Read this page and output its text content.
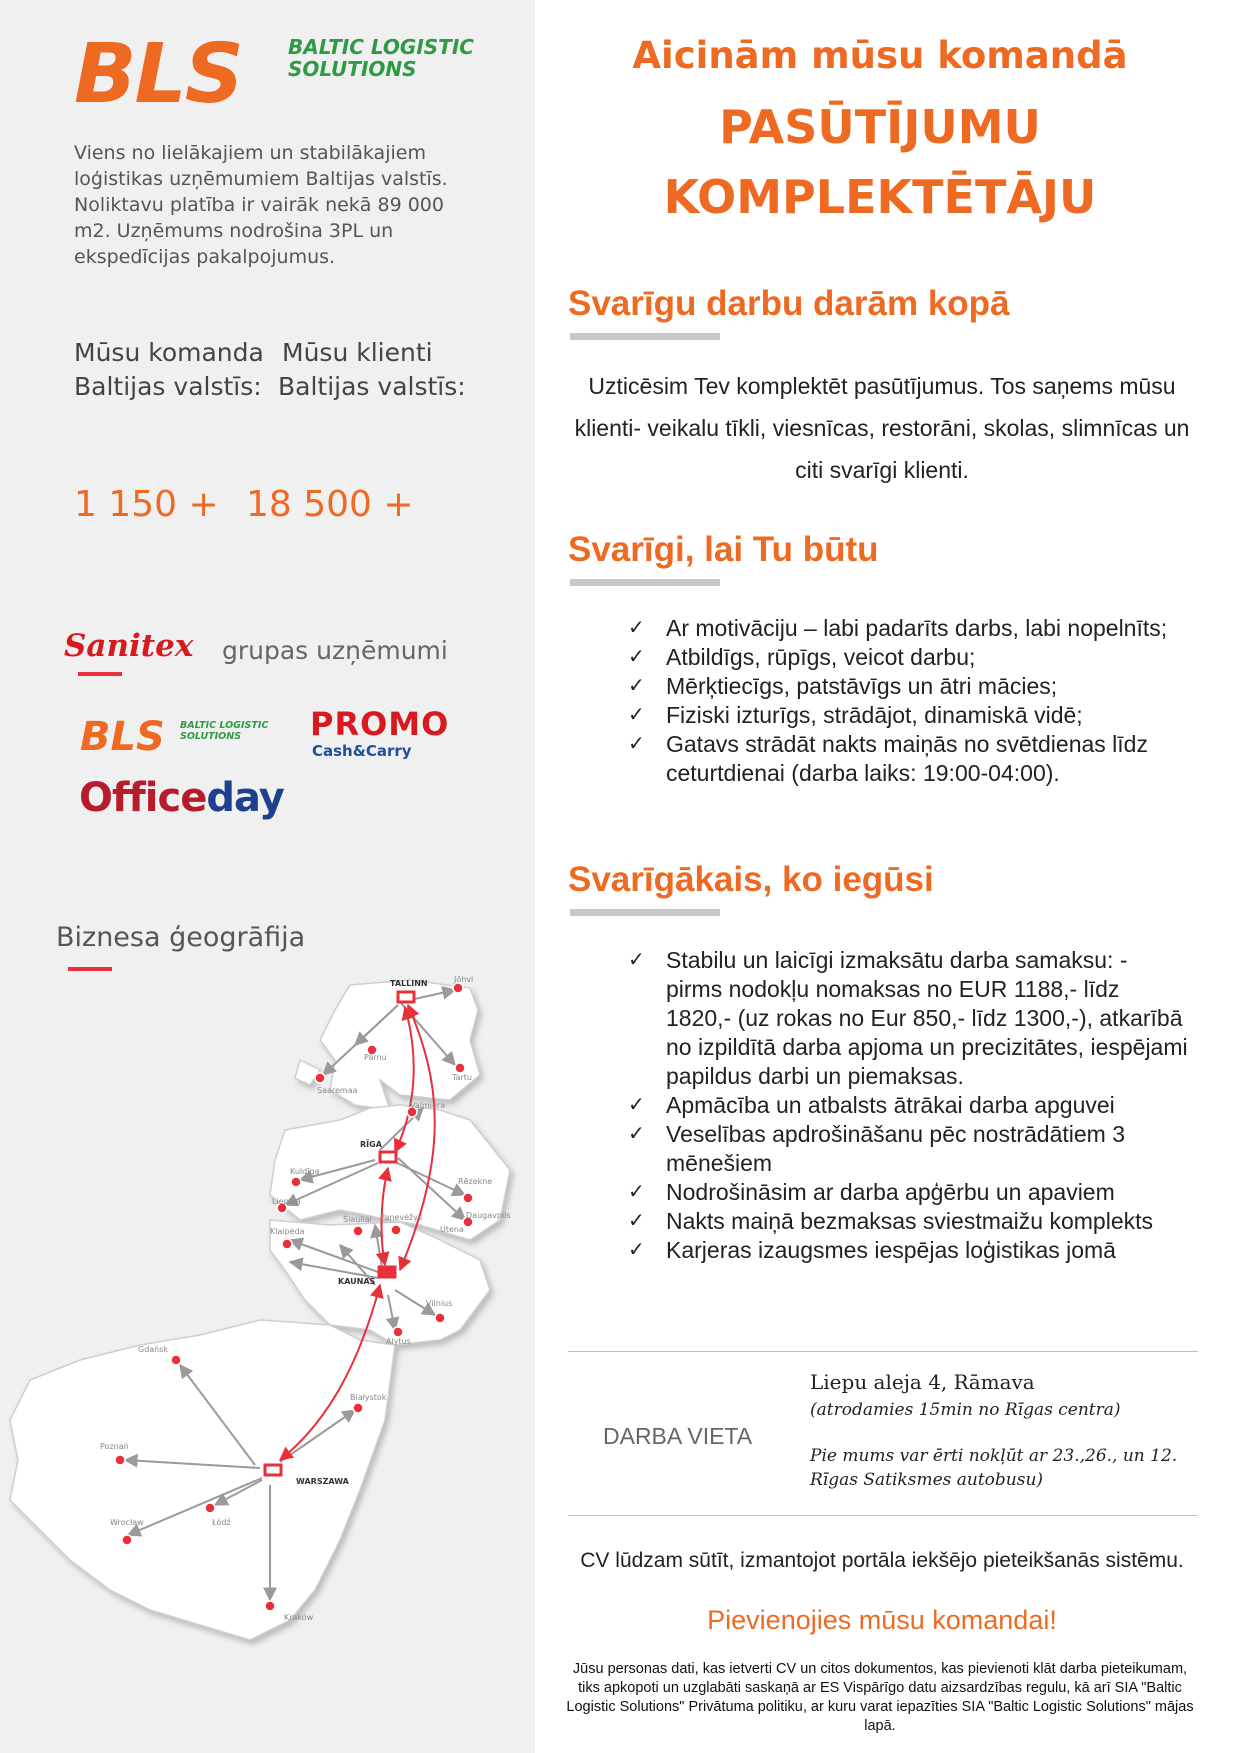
BLS BALTIC LOGISTIC
SOLUTIONS
Viens no lielākajiem un stabilākajiem loģistikas uzņēmumiem Baltijas valstīs. Noliktavu platība ir vairāk nekā 89 000 m2. Uzņēmums nodrošina 3PL un ekspedīcijas pakalpojumus.
Mūsu komanda
Baltijas valstīs:
Mūsu klienti
Baltijas valstīs:
1 150 + 18 500 +
Sanitex grupas uzņēmumi
BLS BALTIC LOGISTIC SOLUTIONS	PROMO
Cash&Carry
Officeday
Biznesa ģeogrāfija
TALLINN	Jõhvi
Pärnu
Tartu
Saaremaa
Valmiera
RĪGA
Kuldīga
Liepaja
Rēzekne
Klaipėda
Šiauliai Panevėžys
Utena
Daugavpils
KAUNAS
Vilnius
Alytus
Gdańsk
Białystok
Poznań
WARSZAWA
Wrocław	Łódź
Kraków
Aicinām mūsu komandā
PASŪTĪJUMU
KOMPLEKTĒTĀJU
Svarīgu darbu darām kopā
Uzticēsim Tev komplektēt pasūtījumus. Tos saņems mūsu klienti- veikalu tīkli, viesnīcas, restorāni, skolas, slimnīcas un citi svarīgi klienti.
Svarīgi, lai Tu būtu
✓ Ar motivāciju – labi padarīts darbs, labi nopelnīts;
✓ Atbildīgs, rūpīgs, veicot darbu;
✓ Mērķtiecīgs, patstāvīgs un ātri mācies;
✓ Fiziski izturīgs, strādājot, dinamiskā vidē;
✓ Gatavs strādāt nakts maiņās no svētdienas līdz ceturtdienai (darba laiks: 19:00-04:00).
Svarīgākais, ko iegūsi
✓ Stabilu un laicīgi izmaksātu darba samaksu: - pirms nodokļu nomaksas no EUR 1188,- līdz 1820,- (uz rokas no Eur 850,- līdz 1300,-), atkarībā no izpildītā darba apjoma un precizitātes, iespējami papildus darbi un piemaksas.
✓ Apmācība un atbalsts ātrākai darba apguvei
✓ Veselības apdrošināšanu pēc nostrādātiem 3 mēnešiem
✓ Nodrošināsim ar darba apģērbu un apaviem
✓ Nakts maiņā bezmaksas sviestmaižu komplekts
✓ Karjeras izaugsmes iespējas loģistikas jomā
DARBA VIETA
Liepu aleja 4, Rāmava
(atrodamies 15min no Rīgas centra)
Pie mums var ērti nokļūt ar 23.,26., un 12. Rīgas Satiksmes autobusu)
CV lūdzam sūtīt, izmantojot portāla iekšējo pieteikšanās sistēmu.
Pievienojies mūsu komandai!
Jūsu personas dati, kas ietverti CV un citos dokumentos, kas pievienoti klāt darba pieteikumam, tiks apkopoti un uzglabāti saskaņā ar ES Vispārīgo datu aizsardzības regulu, kā arī SIA "Baltic Logistic Solutions" Privātuma politiku, ar kuru varat iepazīties SIA "Baltic Logistic Solutions" mājas lapā.
